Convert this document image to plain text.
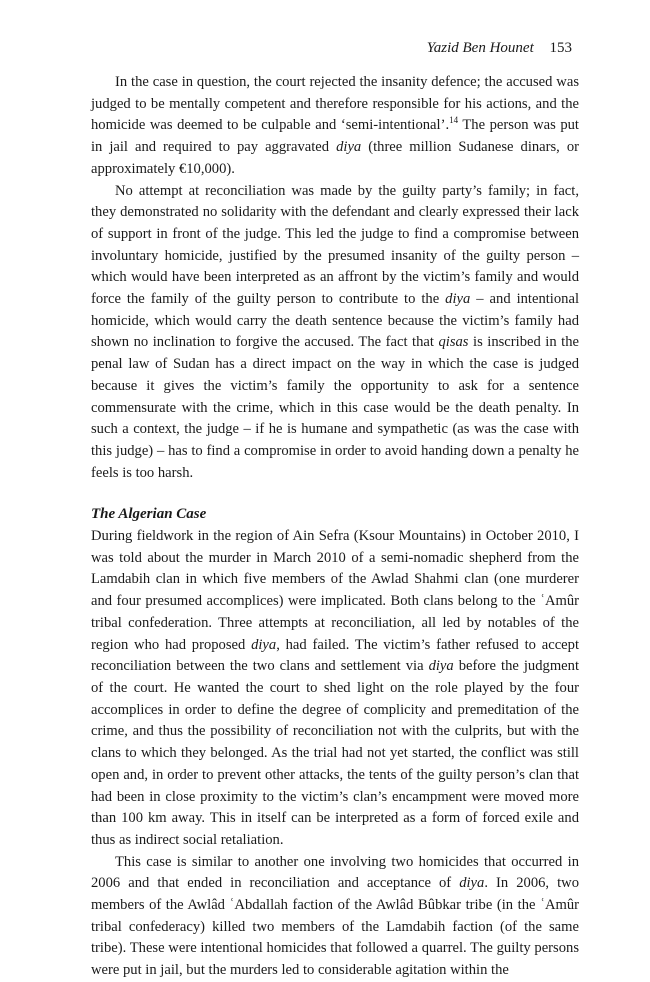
Yazid Ben Hounet 153

In the case in question, the court rejected the insanity defence; the accused was judged to be mentally competent and therefore responsible for his actions, and the homicide was deemed to be culpable and ‘semi-intentional’.$^{14}$ The person was put in jail and required to pay aggravated diya (three million Sudanese dinars, or approximately €10,000).

No attempt at reconciliation was made by the guilty party’s family; in fact, they demonstrated no solidarity with the defendant and clearly expressed their lack of support in front of the judge. This led the judge to find a compromise between involuntary homicide, justified by the presumed insanity of the guilty person – which would have been interpreted as an affront by the victim’s family and would force the family of the guilty person to contribute to the diya – and intentional homicide, which would carry the death sentence because the victim’s family had shown no inclination to forgive the accused. The fact that qisas is inscribed in the penal law of Sudan has a direct impact on the way in which the case is judged because it gives the victim’s family the opportunity to ask for a sentence commensurate with the crime, which in this case would be the death penalty. In such a context, the judge – if he is humane and sympathetic (as was the case with this judge) – has to find a compromise in order to avoid handing down a penalty he feels is too harsh.

The Algerian Case

During fieldwork in the region of Ain Sefra (Ksour Mountains) in October 2010, I was told about the murder in March 2010 of a semi-nomadic shepherd from the Lamdabih clan in which five members of the Awlad Shahmi clan (one murderer and four presumed accomplices) were implicated. Both clans belong to the ʿAmûr tribal confederation. Three attempts at reconciliation, all led by notables of the region who had proposed diya, had failed. The victim’s father refused to accept reconciliation between the two clans and settlement via diya before the judgment of the court. He wanted the court to shed light on the role played by the four accomplices in order to define the degree of complicity and premeditation of the crime, and thus the possibility of reconciliation not with the culprits, but with the clans to which they belonged. As the trial had not yet started, the conflict was still open and, in order to prevent other attacks, the tents of the guilty person’s clan that had been in close proximity to the victim’s clan’s encampment were moved more than 100 km away. This in itself can be interpreted as a form of forced exile and thus as indirect social retaliation.

This case is similar to another one involving two homicides that occurred in 2006 and that ended in reconciliation and acceptance of diya. In 2006, two members of the Awlâd ʿAbdallah faction of the Awlâd Bûbkar tribe (in the ʿAmûr tribal confederacy) killed two members of the Lamdabih faction (of the same tribe). These were intentional homicides that followed a quarrel. The guilty persons were put in jail, but the murders led to considerable agitation within the
